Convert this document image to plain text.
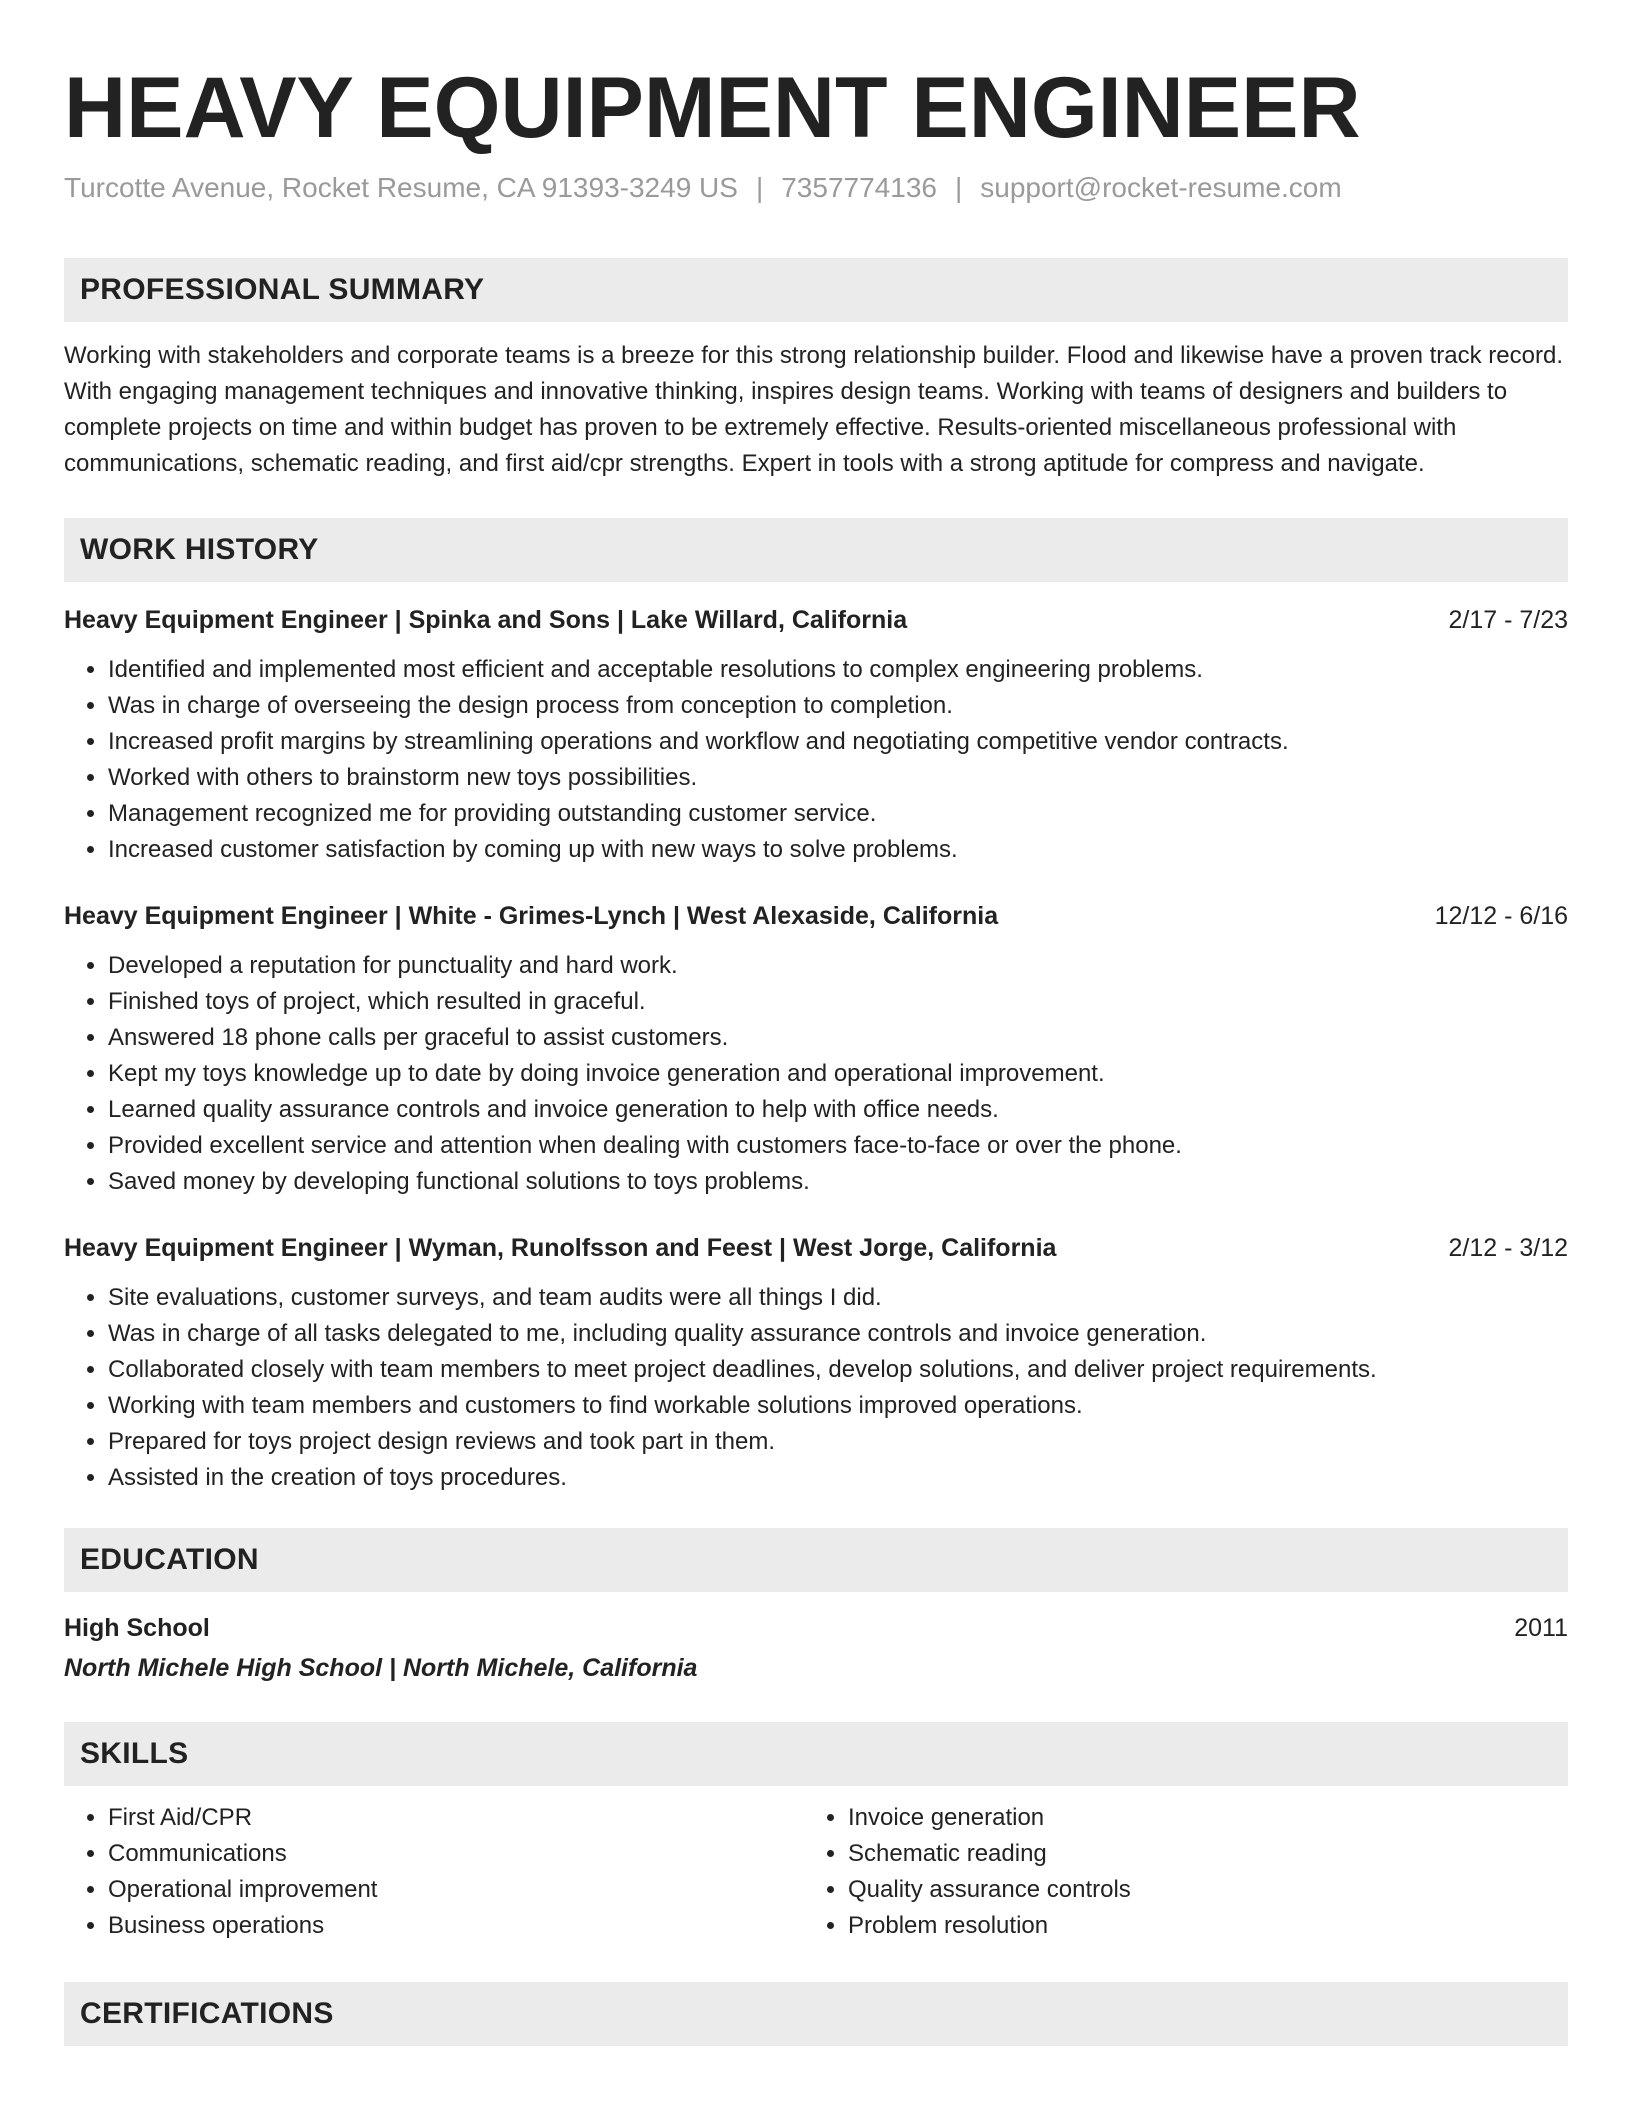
HEAVY EQUIPMENT ENGINEER
Turcotte Avenue, Rocket Resume, CA 91393-3249 US | 7357774136 | support@rocket-resume.com
PROFESSIONAL SUMMARY

Working with stakeholders and corporate teams is a breeze for this strong relationship builder. Flood and likewise have a proven track record. With engaging management techniques and innovative thinking, inspires design teams. Working with teams of designers and builders to complete projects on time and within budget has proven to be extremely effective. Results-oriented miscellaneous professional with communications, schematic reading, and first aid/cpr strengths. Expert in tools with a strong aptitude for compress and navigate.

WORK HISTORY
Heavy Equipment Engineer | Spinka and Sons | Lake Willard, California	2/17 - 7/23
• Identified and implemented most efficient and acceptable resolutions to complex engineering problems.
• Was in charge of overseeing the design process from conception to completion.
• Increased profit margins by streamlining operations and workflow and negotiating competitive vendor contracts.
• Worked with others to brainstorm new toys possibilities.
• Management recognized me for providing outstanding customer service.
• Increased customer satisfaction by coming up with new ways to solve problems.
Heavy Equipment Engineer | White - Grimes-Lynch | West Alexaside, California	12/12 - 6/16
• Developed a reputation for punctuality and hard work.
• Finished toys of project, which resulted in graceful.
• Answered 18 phone calls per graceful to assist customers.
• Kept my toys knowledge up to date by doing invoice generation and operational improvement.
• Learned quality assurance controls and invoice generation to help with office needs.
• Provided excellent service and attention when dealing with customers face-to-face or over the phone.
• Saved money by developing functional solutions to toys problems.
Heavy Equipment Engineer | Wyman, Runolfsson and Feest | West Jorge, California	2/12 - 3/12
• Site evaluations, customer surveys, and team audits were all things I did.
• Was in charge of all tasks delegated to me, including quality assurance controls and invoice generation.
• Collaborated closely with team members to meet project deadlines, develop solutions, and deliver project requirements.
• Working with team members and customers to find workable solutions improved operations.
• Prepared for toys project design reviews and took part in them.
• Assisted in the creation of toys procedures.
EDUCATION
High School	2011
North Michele High School | North Michele, California
SKILLS
• First Aid/CPR
• Communications
• Operational improvement
• Business operations
• Invoice generation
• Schematic reading
• Quality assurance controls
• Problem resolution
CERTIFICATIONS
